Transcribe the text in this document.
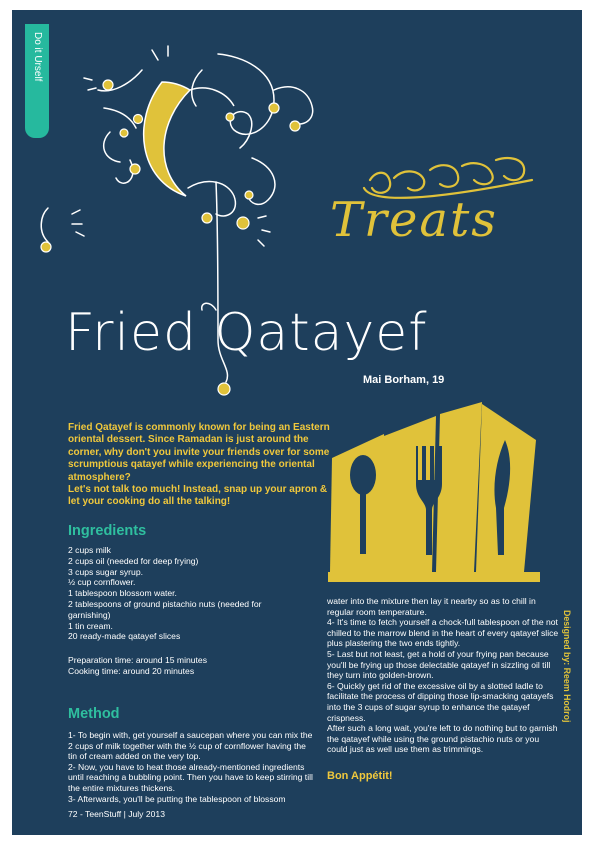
Do it Urself
Treats
Fried Qatayef
Mai Borham, 19

Fried Qatayef is commonly known for being an Eastern oriental dessert. Since Ramadan is just around the corner, why don't you invite your friends over for some scrumptious qatayef while experiencing the oriental atmosphere?

Let's not talk too much! Instead, snap up your apron & let your cooking do all the talking!

Ingredients
2 cups milk
2 cups oil (needed for deep frying)
3 cups sugar syrup.
½ cup cornflower.
1 tablespoon blossom water.
2 tablespoons of ground pistachio nuts (needed for garnishing)
1 tin cream.
20 ready-made qatayef slices
Preparation time: around 15 minutes
Cooking time: around 20 minutes
Method

1- To begin with, get yourself a saucepan where you can mix the 2 cups of milk together with the ½ cup of cornflower having the tin of cream added on the very top.

2- Now, you have to heat those already-mentioned ingredients until reaching a bubbling point. Then you have to keep stirring till the entire mixtures thickens.

3- Afterwards, you'll be putting the tablespoon of blossom

water into the mixture then lay it nearby so as to chill in regular room temperature.

4- It's time to fetch yourself a chock-full tablespoon of the not chilled to the marrow blend in the heart of every qatayef slice plus plastering the two ends tightly.

5- Last but not least, get a hold of your frying pan because you'll be frying up those delectable qatayef in sizzling oil till they turn into golden-brown.

6- Quickly get rid of the excessive oil by a slotted ladle to facilitate the process of dipping those lip-smacking qatayefs into the 3 cups of sugar syrup to enhance the qatayef crispness.

After such a long wait, you're left to do nothing but to garnish the qatayef while using the ground pistachio nuts or you could just as well use them as trimmings.

Bon Appétit!
Designed by: Reem Hodroj
72 - TeenStuff | July 2013
